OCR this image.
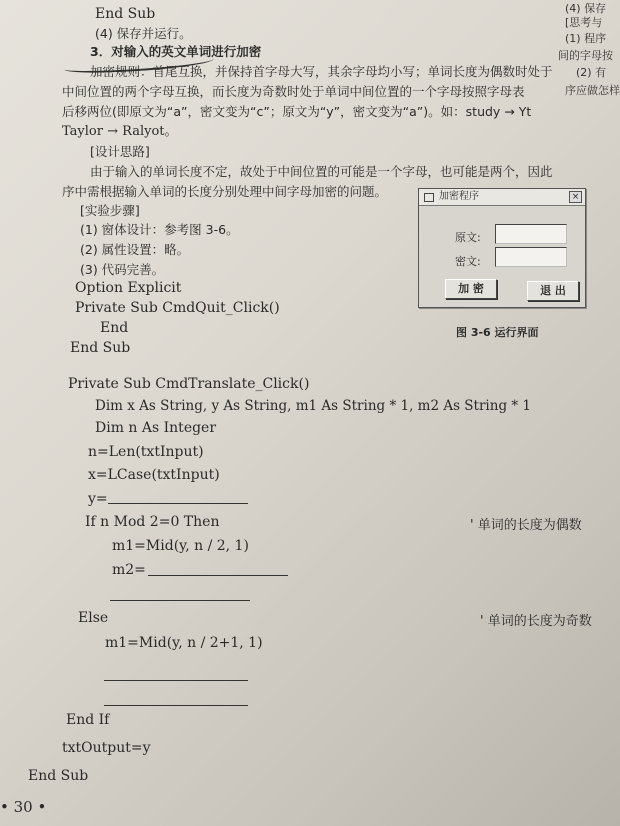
End Sub
(4) 保存并运行。
(4) 保存
[思考与
(1) 程序
间的字母按
(2) 有
序应做怎样
3．对输入的英文单词进行加密
加密规则：首尾互换，并保持首字母大写，其余字母均小写；单词长度为偶数时处于
中间位置的两个字母互换，而长度为奇数时处于单词中间位置的一个字母按照字母表
后移两位(即原文为“a”，密文变为“c”；原文为“y”，密文变为“a”)。如：study → Yt
Taylor → Ralyot。
[设计思路]
由于输入的单词长度不定，故处于中间位置的可能是一个字母，也可能是两个，因此
序中需根据输入单词的长度分别处理中间字母加密的问题。
[实验步骤]
(1) 窗体设计：参考图 3-6。
(2) 属性设置：略。
(3) 代码完善。
Option Explicit
Private Sub CmdQuit_Click()
End
End Sub
加密程序	×
原文:
密文:
加 密	退 出
图 3-6 运行界面
Private Sub CmdTranslate_Click()
Dim x As String, y As String, m1 As String * 1, m2 As String * 1
Dim n As Integer
n=Len(txtInput)
x=LCase(txtInput)
y=
If n Mod 2=0 Then	' 单词的长度为偶数
m1=Mid(y, n / 2, 1)
m2=
Else	' 单词的长度为奇数
m1=Mid(y, n / 2+1, 1)
End If
txtOutput=y
End Sub
• 30 •
